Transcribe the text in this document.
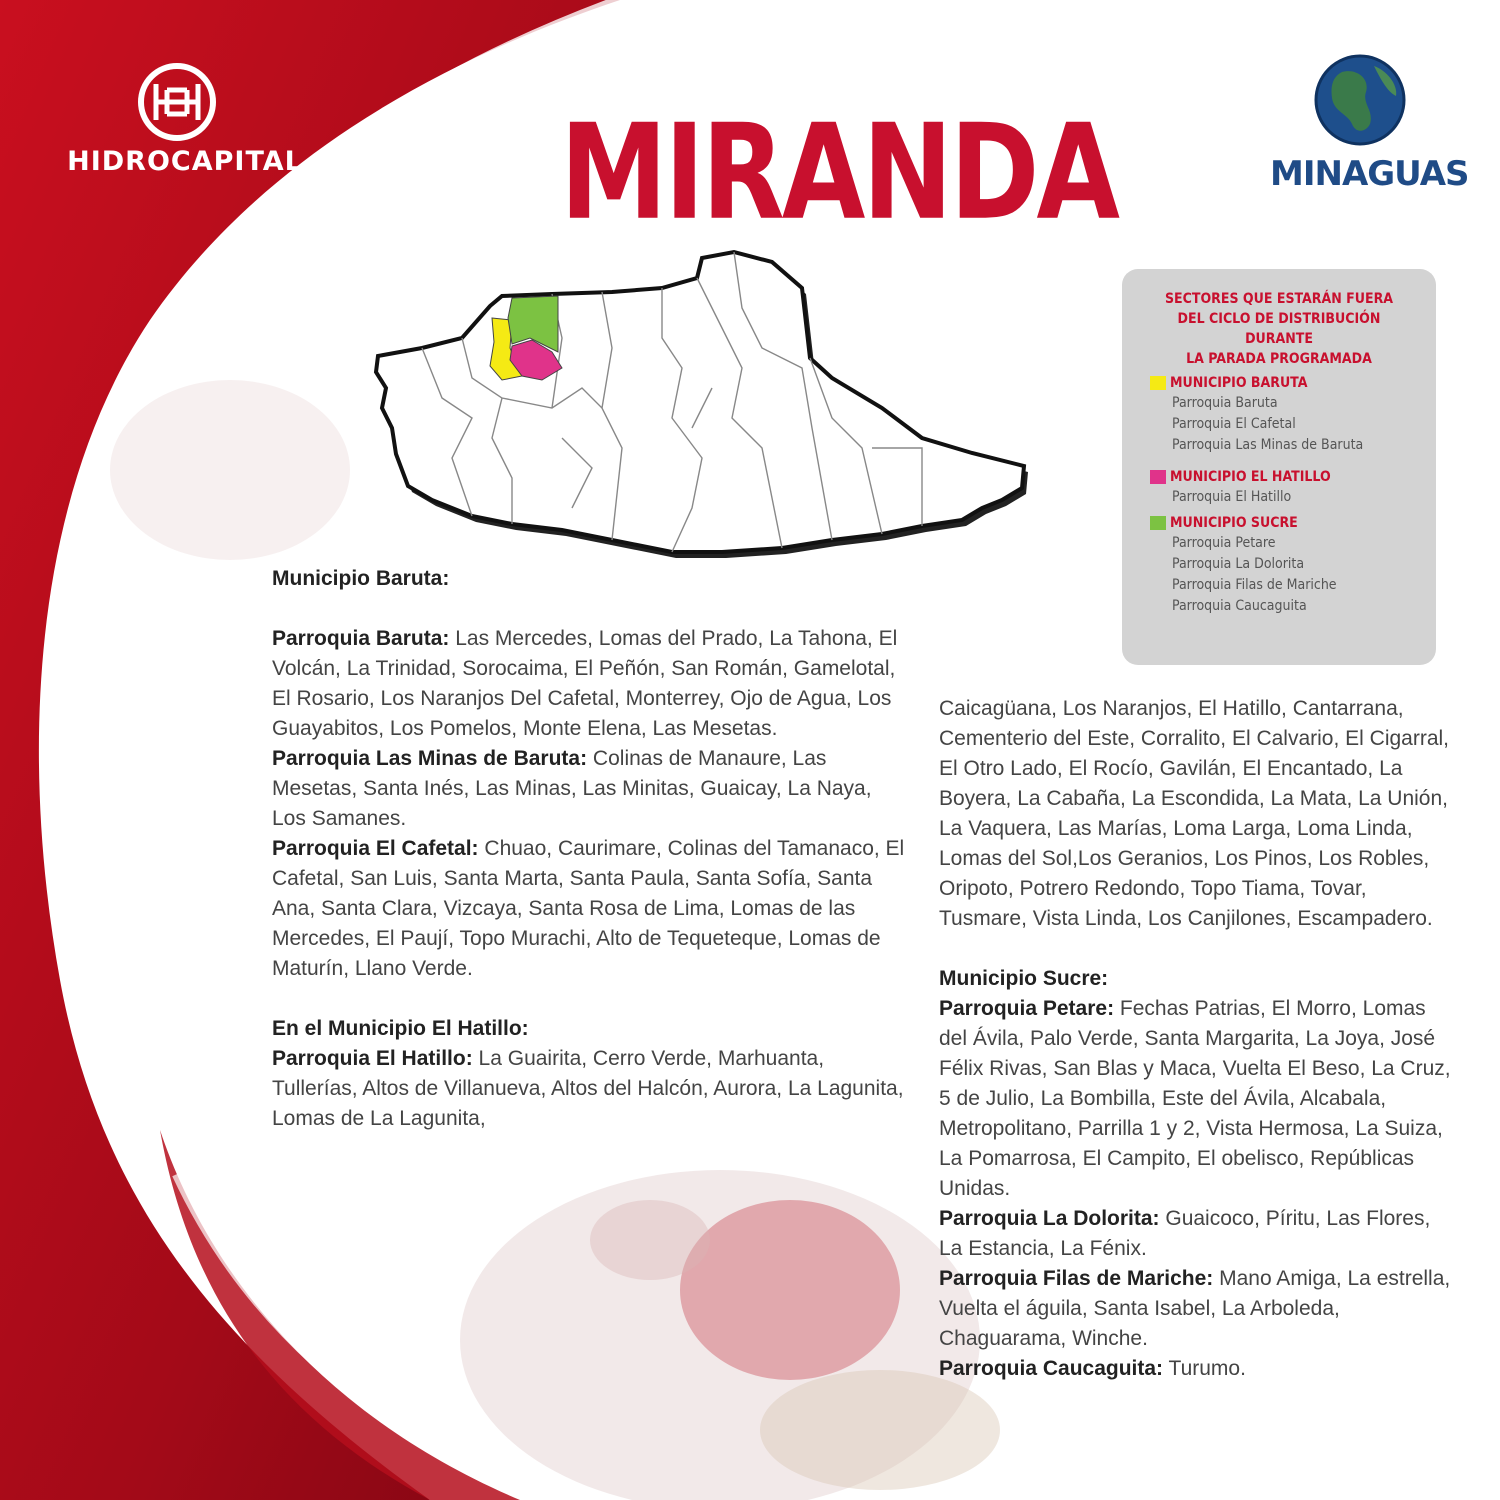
HIDROCAPITAL MIRANDA	MINAGUAS
SECTORES QUE ESTARÁN FUERA
DEL CICLO DE DISTRIBUCIÓN DURANTE
LA PARADA PROGRAMADA
MUNICIPIO BARUTA
Parroquia Baruta
Parroquia El Cafetal
Parroquia Las Minas de Baruta
MUNICIPIO EL HATILLO
Parroquia El Hatillo
MUNICIPIO SUCRE
Parroquia Petare
Parroquia La Dolorita
Parroquia Filas de Mariche
Parroquia Caucaguita

Municipio Baruta:

Parroquia Baruta: Las Mercedes, Lomas del Prado, La Tahona, El Volcán, La Trinidad, Sorocaima, El Peñón, San Román, Gamelotal, El Rosario, Los Naranjos Del Cafetal, Monterrey, Ojo de Agua, Los Guayabitos, Los Pomelos, Monte Elena, Las Mesetas.

Parroquia Las Minas de Baruta: Colinas de Manaure, Las Mesetas, Santa Inés, Las Minas, Las Minitas, Guaicay, La Naya, Los Samanes.

Parroquia El Cafetal: Chuao, Caurimare, Colinas del Tamanaco, El Cafetal, San Luis, Santa Marta, Santa Paula, Santa Sofía, Santa Ana, Santa Clara, Vizcaya, Santa Rosa de Lima, Lomas de las Mercedes, El Paují, Topo Murachi, Alto de Tequeteque, Lomas de Maturín, Llano Verde.

En el Municipio El Hatillo:

Parroquia El Hatillo: La Guairita, Cerro Verde, Marhuanta, Tullerías, Altos de Villanueva, Altos del Halcón, Aurora, La Lagunita, Lomas de La Lagunita,

Caicagüana, Los Naranjos, El Hatillo, Cantarrana, Cementerio del Este, Corralito, El Calvario, El Cigarral, El Otro Lado, El Rocío, Gavilán, El Encantado, La Boyera, La Cabaña, La Escondida, La Mata, La Unión, La Vaquera, Las Marías, Loma Larga, Loma Linda, Lomas del Sol,Los Geranios, Los Pinos, Los Robles, Oripoto, Potrero Redondo, Topo Tiama, Tovar, Tusmare, Vista Linda, Los Canjilones, Escampadero.

Municipio Sucre:

Parroquia Petare: Fechas Patrias, El Morro, Lomas del Ávila, Palo Verde, Santa Margarita, La Joya, José Félix Rivas, San Blas y Maca, Vuelta El Beso, La Cruz, 5 de Julio, La Bombilla, Este del Ávila, Alcabala, Metropolitano, Parrilla 1 y 2, Vista Hermosa, La Suiza, La Pomarrosa, El Campito, El obelisco, Repúblicas Unidas.

Parroquia La Dolorita: Guaicoco, Píritu, Las Flores, La Estancia, La Fénix.

Parroquia Filas de Mariche: Mano Amiga, La estrella, Vuelta el águila, Santa Isabel, La Arboleda, Chaguarama, Winche.

Parroquia Caucaguita: Turumo.
